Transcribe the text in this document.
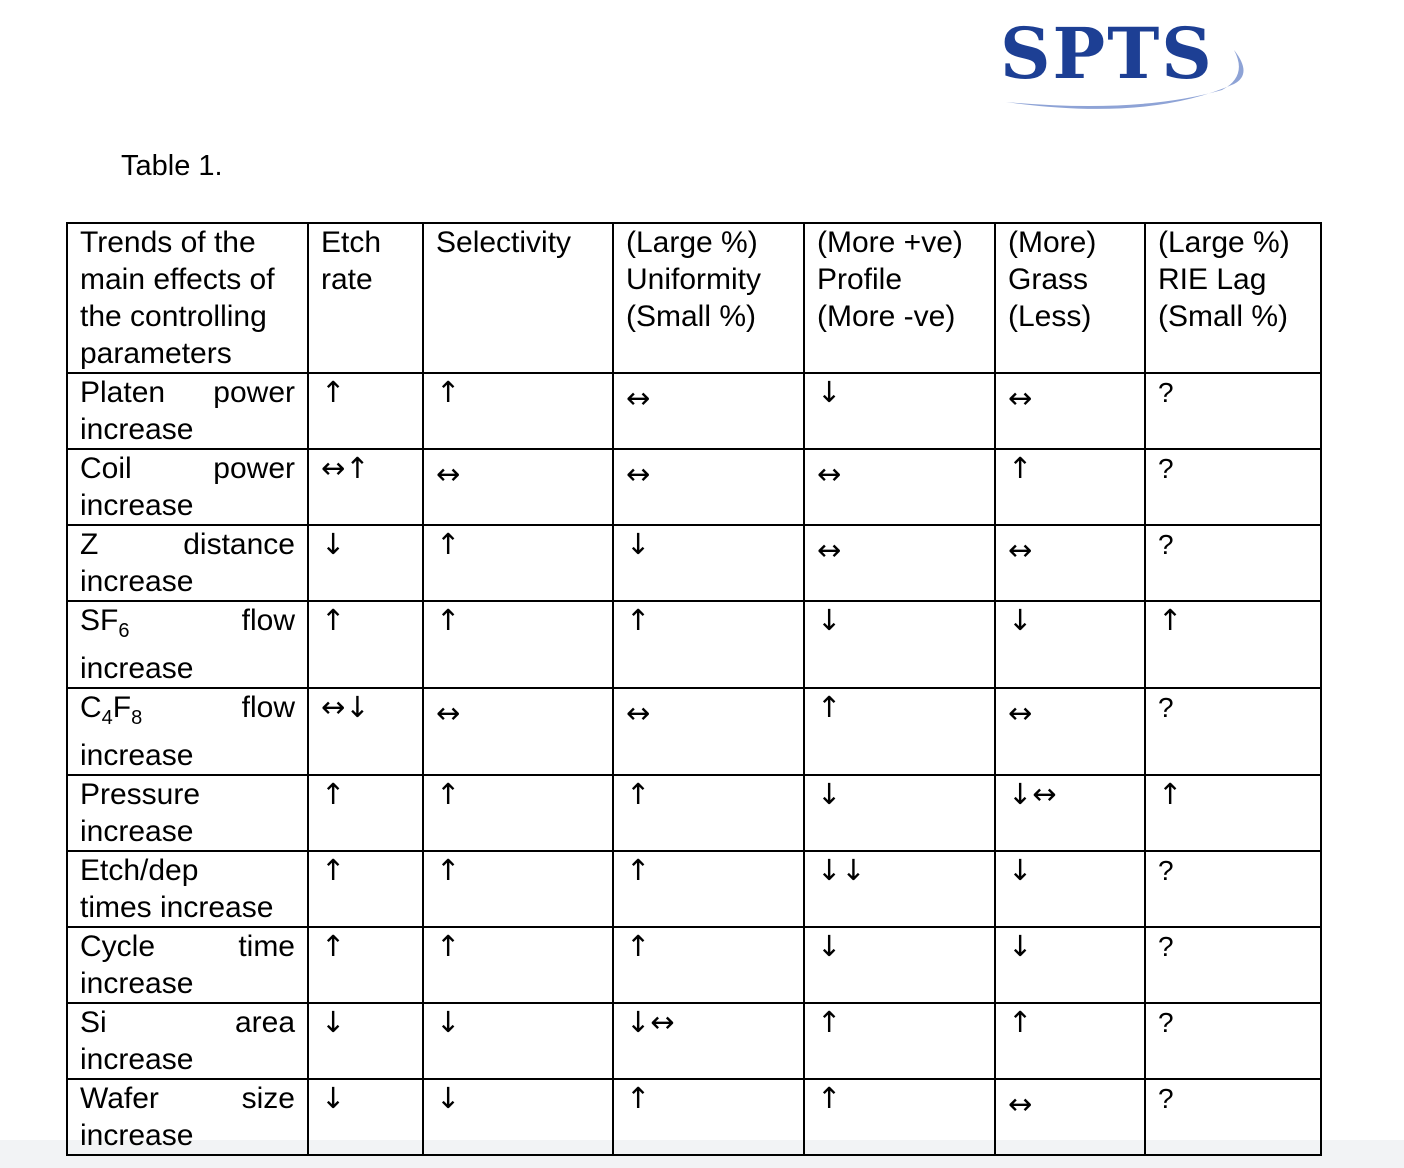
SPTS
Table 1.
Trends of the
main effects of
the controlling
parameters	Etch
rate	Selectivity	(Large %)
Uniformity
(Small %)	(More +ve)
Profile
(More -ve)	(More)
Grass
(Less)	(Large %)
RIE Lag
(Small %)

Platen power
increase	↑	↑	↔	↓	↔	?

Coil power
increase	↔↑	↔	↔	↔	↑	?

Z distance
increase	↓	↑	↓	↔	↔	?

$SF_6$ flow
increase	↑	↑	↑	↓	↓	↑

$C_4F_8$ flow
increase	↔↓	↔	↔	↑	↔	?

Pressure
increase	↑	↑	↑	↓	↓↔	↑

Etch/dep
times increase	↑	↑	↑	↓↓	↓	?

Cycle time
increase	↑	↑	↑	↓	↓	?

Si area
increase	↓	↓	↓↔	↑	↑	?

Wafer size
increase	↓	↓	↑	↑	↔	?
